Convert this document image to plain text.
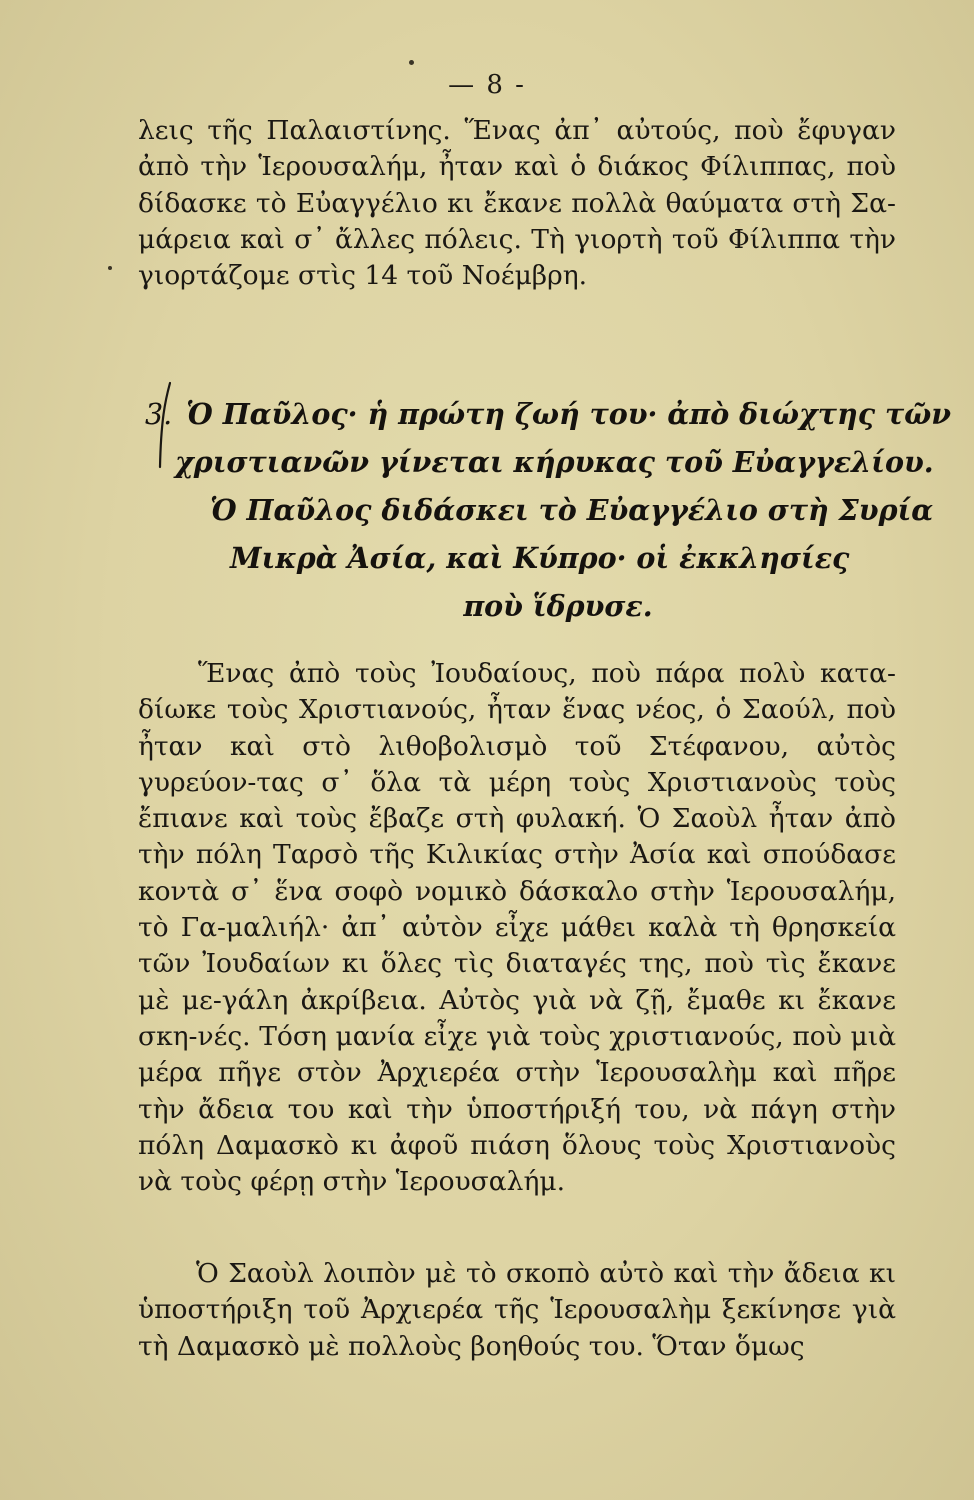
— 8 -
λεις τῆς Παλαιστίνης. Ἕνας ἀπ᾽ αὐτούς, ποὺ ἔφυγαν ἀπὸ τὴν Ἱερουσαλήμ, ἦταν καὶ ὁ διάκος Φίλιππας, ποὺ δίδασκε τὸ Εὐαγγέλιο κι ἔκανε πολλὰ θαύματα στὴ Σα- μάρεια καὶ σ᾽ ἄλλες πόλεις. Τὴ γιορτὴ τοῦ Φίλιππα τὴν γιορτάζομε στὶς 14 τοῦ Νοέμβρη.
3. Ὁ Παῦλος· ἡ πρώτη ζωή του· ἀπὸ διώχτης τῶν
χριστιανῶν γίνεται κήρυκας τοῦ Εὐαγγελίου.
Ὁ Παῦλος διδάσκει τὸ Εὐαγγέλιο στὴ Συρία
Μικρὰ Ἀσία, καὶ Κύπρο· οἱ ἐκκλησίες
ποὺ ἵδρυσε.

Ἕνας ἀπὸ τοὺς Ἰουδαίους, ποὺ πάρα πολὺ κατα-δίωκε τοὺς Χριστιανούς, ἦταν ἕνας νέος, ὁ Σαούλ, ποὺ ἦταν καὶ στὸ λιθοβολισμὸ τοῦ Στέφανου, αὐτὸς γυρεύον-τας σ᾽ ὅλα τὰ μέρη τοὺς Χριστιανοὺς τοὺς ἔπιανε καὶ τοὺς ἔβαζε στὴ φυλακή. Ὁ Σαοὺλ ἦταν ἀπὸ τὴν πόλη Ταρσὸ τῆς Κιλικίας στὴν Ἀσία καὶ σπούδασε κοντὰ σ᾽ ἕνα σοφὸ νομικὸ δάσκαλο στὴν Ἱερουσαλήμ, τὸ Γα-μαλιήλ· ἀπ᾽ αὐτὸν εἶχε μάθει καλὰ τὴ θρησκεία τῶν Ἰουδαίων κι ὅλες τὶς διαταγές της, ποὺ τὶς ἔκανε μὲ με-γάλη ἀκρίβεια. Αὐτὸς γιὰ νὰ ζῇ, ἔμαθε κι ἔκανε σκη-νές. Τόση μανία εἶχε γιὰ τοὺς χριστιανούς, ποὺ μιὰ μέρα πῆγε στὸν Ἀρχιερέα στὴν Ἱερουσαλὴμ καὶ πῆρε τὴν ἄδεια του καὶ τὴν ὑποστήριξή του, νὰ πάγη στὴν πόλη Δαμασκὸ κι ἀφοῦ πιάση ὅλους τοὺς Χριστιανοὺς νὰ τοὺς φέρῃ στὴν Ἱερουσαλήμ.

Ὁ Σαοὺλ λοιπὸν μὲ τὸ σκοπὸ αὐτὸ καὶ τὴν ἄδεια κι ὑποστήριξη τοῦ Ἀρχιερέα τῆς Ἱερουσαλὴμ ξεκίνησε γιὰ τὴ Δαμασκὸ μὲ πολλοὺς βοηθούς του. Ὅταν ὅμως
